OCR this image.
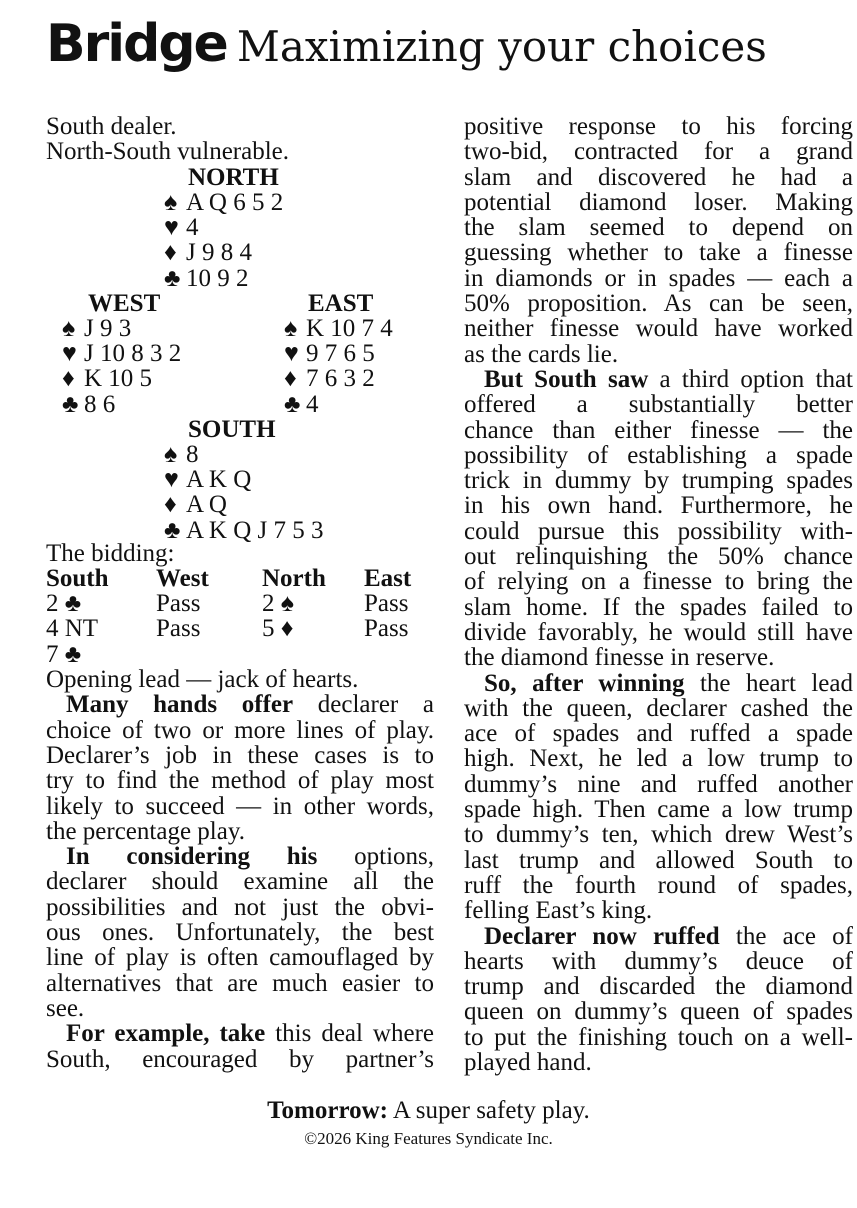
Bridge Maximizing your choices
South dealer.
North-South vulnerable.
NORTH
♠ A Q 6 5 2
♥ 4
♦ J 9 8 4
♣ 10 9 2
WEST
♠ J 9 3
♥ J 10 8 3 2
♦ K 10 5
♣ 8 6
EAST
♠ K 10 7 4
♥ 9 7 6 5
♦ 7 6 3 2
♣ 4
SOUTH
♠ 8
♥ A K Q
♦ A Q
♣ A K Q J 7 5 3
The bidding:
South West North East
2 ♣	Pass 2 ♠	Pass
4 NT Pass 5 ♦	Pass
7 ♣
Opening lead — jack of hearts.
Many hands offer declarer a
choice of two or more lines of play.
Declarer’s job in these cases is to
try to find the method of play most
likely to succeed — in other words,
the percentage play.
In considering his options,
declarer should examine all the
possibilities and not just the obvi-
ous ones. Unfortunately, the best
line of play is often camouflaged by
alternatives that are much easier to
see.
For example, take this deal where
South, encouraged by partner’s
positive response to his forcing
two-bid, contracted for a grand
slam and discovered he had a
potential diamond loser. Making
the slam seemed to depend on
guessing whether to take a finesse
in diamonds or in spades — each a
50% proposition. As can be seen,
neither finesse would have worked
as the cards lie.
But South saw a third option that
offered a substantially better
chance than either finesse — the
possibility of establishing a spade
trick in dummy by trumping spades
in his own hand. Furthermore, he
could pursue this possibility with-
out relinquishing the 50% chance
of relying on a finesse to bring the
slam home. If the spades failed to
divide favorably, he would still have
the diamond finesse in reserve.
So, after winning the heart lead
with the queen, declarer cashed the
ace of spades and ruffed a spade
high. Next, he led a low trump to
dummy’s nine and ruffed another
spade high. Then came a low trump
to dummy’s ten, which drew West’s
last trump and allowed South to
ruff the fourth round of spades,
felling East’s king.
Declarer now ruffed the ace of
hearts with dummy’s deuce of
trump and discarded the diamond
queen on dummy’s queen of spades
to put the finishing touch on a well-
played hand.
Tomorrow: A super safety play.
©2026 King Features Syndicate Inc.
